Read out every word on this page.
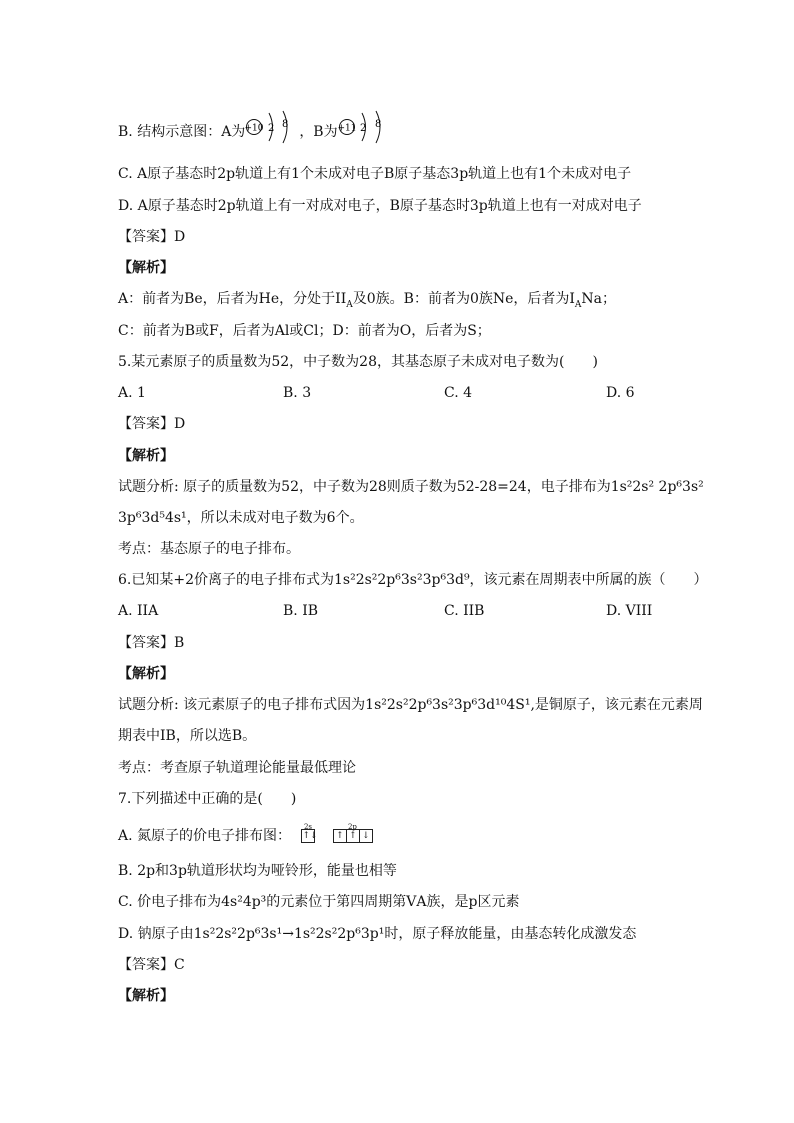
B. 结构示意图：A为 +10 2 8 ，B为 +11 2 8
C. A原子基态时2p轨道上有1个未成对电子B原子基态3p轨道上也有1个未成对电子
D. A原子基态时2p轨道上有一对成对电子，B原子基态时3p轨道上也有一对成对电子
【答案】D
【解析】
A：前者为Be，后者为He，分处于$II_A$及0族。B：前者为0族Ne，后者为$I_ANa$；
C：前者为B或F，后者为Al或Cl；D：前者为O，后者为S；
5.某元素原子的质量数为52，中子数为28，其基态原子未成对电子数为(　　)
A. 1	B. 3	C. 4	D. 6
【答案】D
【解析】
试题分析: 原子的质量数为52，中子数为28则质子数为52-28=24，电子排布为1s²2s² 2p⁶3s²
3p⁶3d⁵4s¹，所以未成对电子数为6个。
考点：基态原子的电子排布。
6.已知某+2价离子的电子排布式为1s²2s²2p⁶3s²3p⁶3d⁹，该元素在周期表中所属的族（　　）
A. IIA	B. IB	C. IIB	D. VIII
【答案】B
【解析】
试题分析: 该元素原子的电子排布式因为1s²2s²2p⁶3s²3p⁶3d¹⁰4S¹,是铜原子，该元素在元素周
期表中IB，所以选B。
考点：考查原子轨道理论能量最低理论
7.下列描述中正确的是(　　)
A. 氮原子的价电子排布图：
2s
↑↓
2p
↑ ↑ ↓
B. 2p和3p轨道形状均为哑铃形，能量也相等
C. 价电子排布为4s²4p³的元素位于第四周期第ⅤA族，是p区元素
D. 钠原子由1s²2s²2p⁶3s¹→1s²2s²2p⁶3p¹时，原子释放能量，由基态转化成激发态
【答案】C
【解析】
